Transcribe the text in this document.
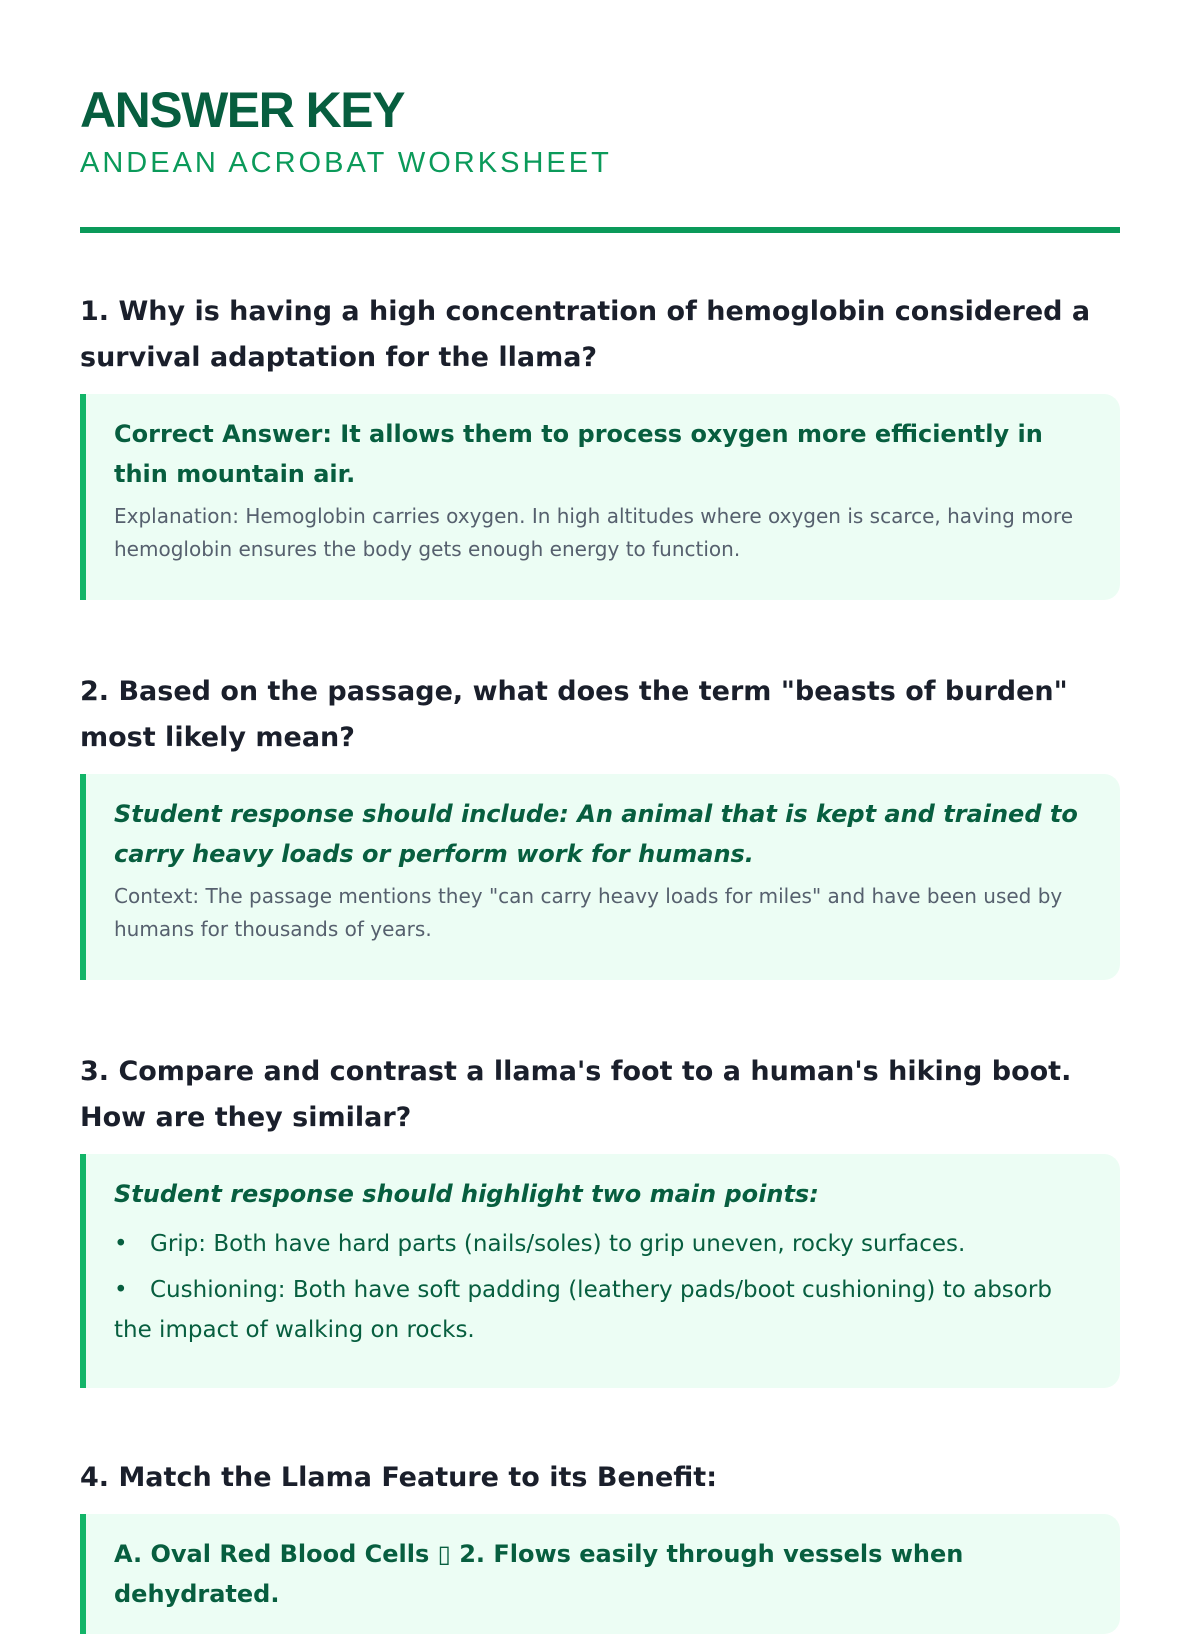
ANSWER KEY
ANDEAN ACROBAT WORKSHEET
1. Why is having a high concentration of hemoglobin considered a survival adaptation for the llama?
Correct Answer: It allows them to process oxygen more efficiently in thin mountain air.
Explanation: Hemoglobin carries oxygen. In high altitudes where oxygen is scarce, having more hemoglobin ensures the body gets enough energy to function.
2. Based on the passage, what does the term "beasts of burden" most likely mean?
Student response should include: An animal that is kept and trained to carry heavy loads or perform work for humans.
Context: The passage mentions they "can carry heavy loads for miles" and have been used by humans for thousands of years.
3. Compare and contrast a llama's foot to a human's hiking boot. How are they similar?
Student response should highlight two main points:
• Grip: Both have hard parts (nails/soles) to grip uneven, rocky surfaces.
• Cushioning: Both have soft padding (leathery pads/boot cushioning) to absorb the impact of walking on rocks.
4. Match the Llama Feature to its Benefit:
A. Oval Red Blood Cells ▯ 2. Flows easily through vessels when dehydrated.
